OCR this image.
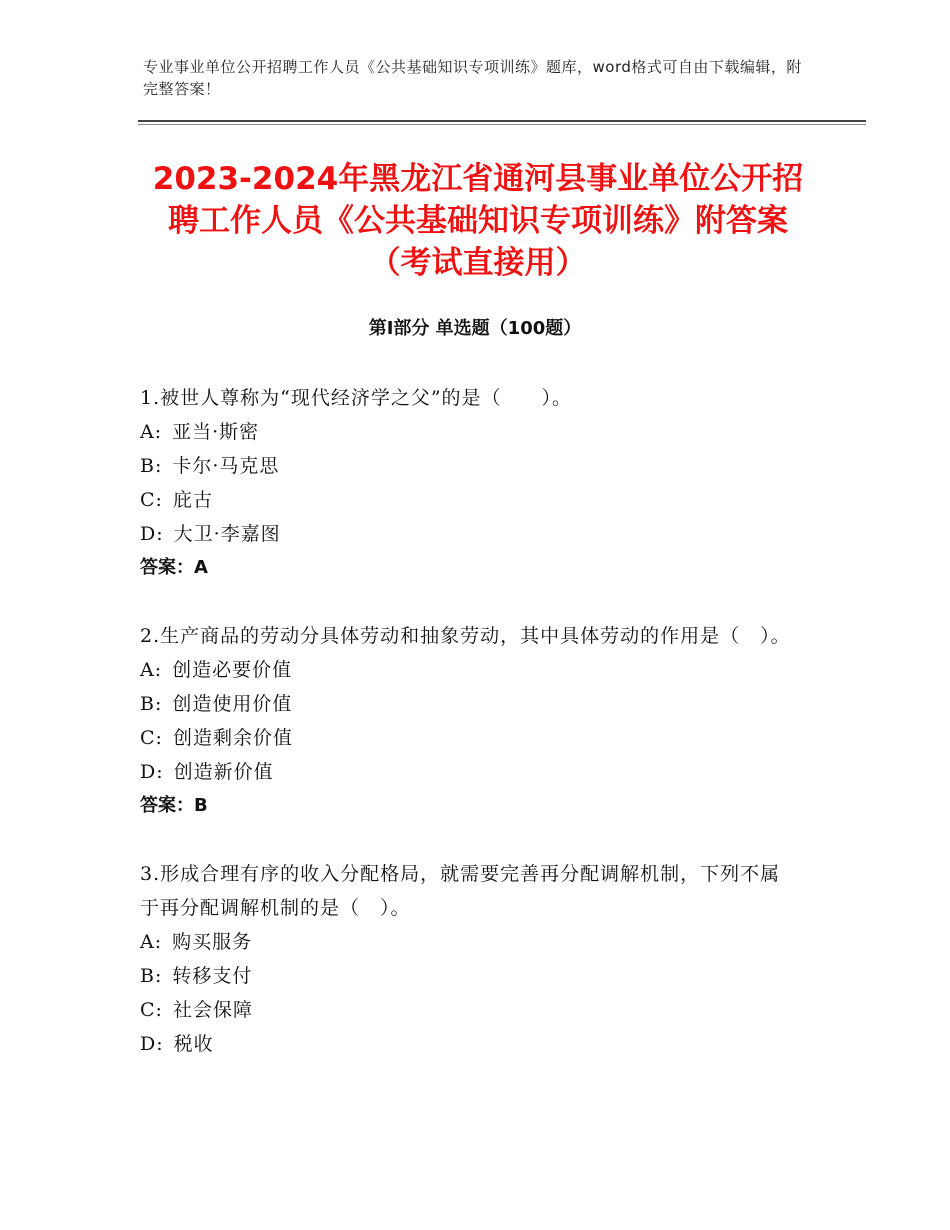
专业事业单位公开招聘工作人员《公共基础知识专项训练》题库，word格式可自由下载编辑，附完整答案！
2023-2024年黑龙江省通河县事业单位公开招聘工作人员《公共基础知识专项训练》附答案（考试直接用）
第I部分 单选题（100题）

1.被世人尊称为“现代经济学之父”的是（　　）。

A: 亚当·斯密

B: 卡尔·马克思

C: 庇古

D: 大卫·李嘉图

答案：A

2.生产商品的劳动分具体劳动和抽象劳动，其中具体劳动的作用是（　）。

A: 创造必要价值

B: 创造使用价值

C: 创造剩余价值

D: 创造新价值

答案：B

3.形成合理有序的收入分配格局，就需要完善再分配调解机制，下列不属于再分配调解机制的是（　）。

A: 购买服务

B: 转移支付

C: 社会保障

D: 税收
